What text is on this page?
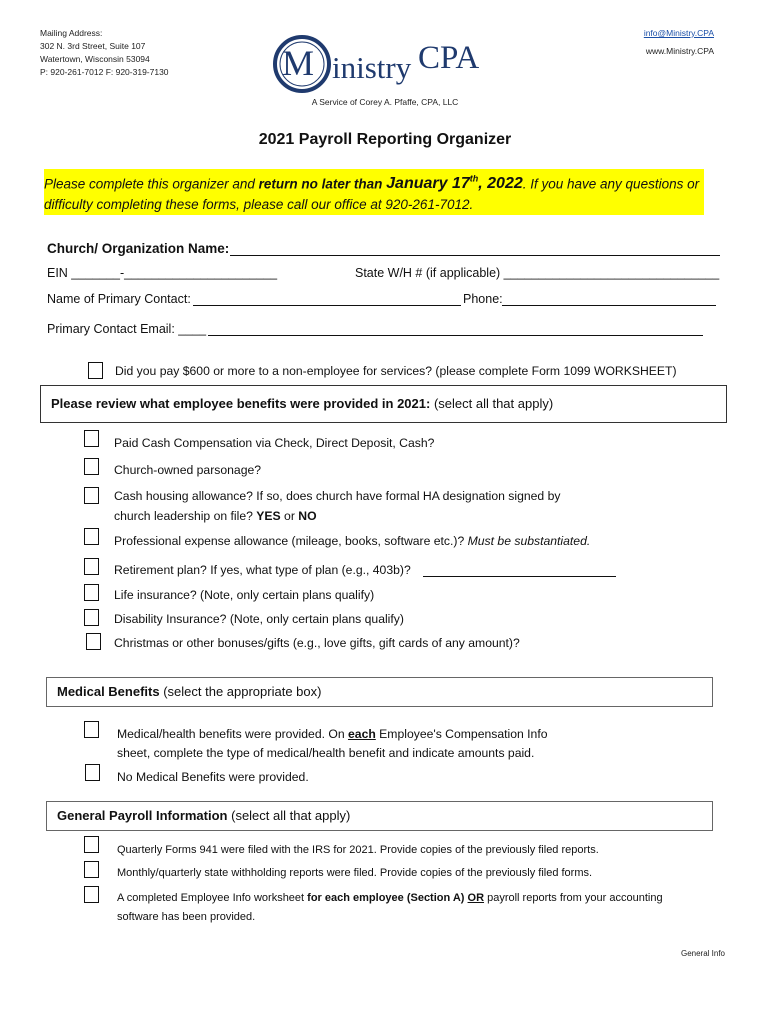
Mailing Address:
302 N. 3rd Street, Suite 107
Watertown, Wisconsin 53094
P: 920-261-7012 F: 920-319-7130	M inistry CPA
info@Ministry.CPA
www.Ministry.CPA
A Service of Corey A. Pfaffe, CPA, LLC
2021 Payroll Reporting Organizer
Please complete this organizer and return no later than January 17th, 2022. If you have any questions or difficulty completing these forms, please call our office at 920-261-7012.
Church/ Organization Name:
EIN _______-______________________	State W/H # (if applicable) _______________________________
Name of Primary Contact:	Phone:
Primary Contact Email: ____
Did you pay $600 or more to a non-employee for services? (please complete Form 1099 WORKSHEET)
Please review what employee benefits were provided in 2021: (select all that apply)
Paid Cash Compensation via Check, Direct Deposit, Cash?
Church-owned parsonage?
Cash housing allowance? If so, does church have formal HA designation signed by
church leadership on file? YES or NO
Professional expense allowance (mileage, books, software etc.)? Must be substantiated.
Retirement plan? If yes, what type of plan (e.g., 403b)?
Life insurance? (Note, only certain plans qualify)
Disability Insurance? (Note, only certain plans qualify)
Christmas or other bonuses/gifts (e.g., love gifts, gift cards of any amount)?
Medical Benefits (select the appropriate box)
Medical/health benefits were provided. On each Employee's Compensation Info
sheet, complete the type of medical/health benefit and indicate amounts paid.
No Medical Benefits were provided.
General Payroll Information (select all that apply)
Quarterly Forms 941 were filed with the IRS for 2021. Provide copies of the previously filed reports.
Monthly/quarterly state withholding reports were filed. Provide copies of the previously filed forms.
A completed Employee Info worksheet for each employee (Section A) OR payroll reports from your accounting
software has been provided.
General Info
